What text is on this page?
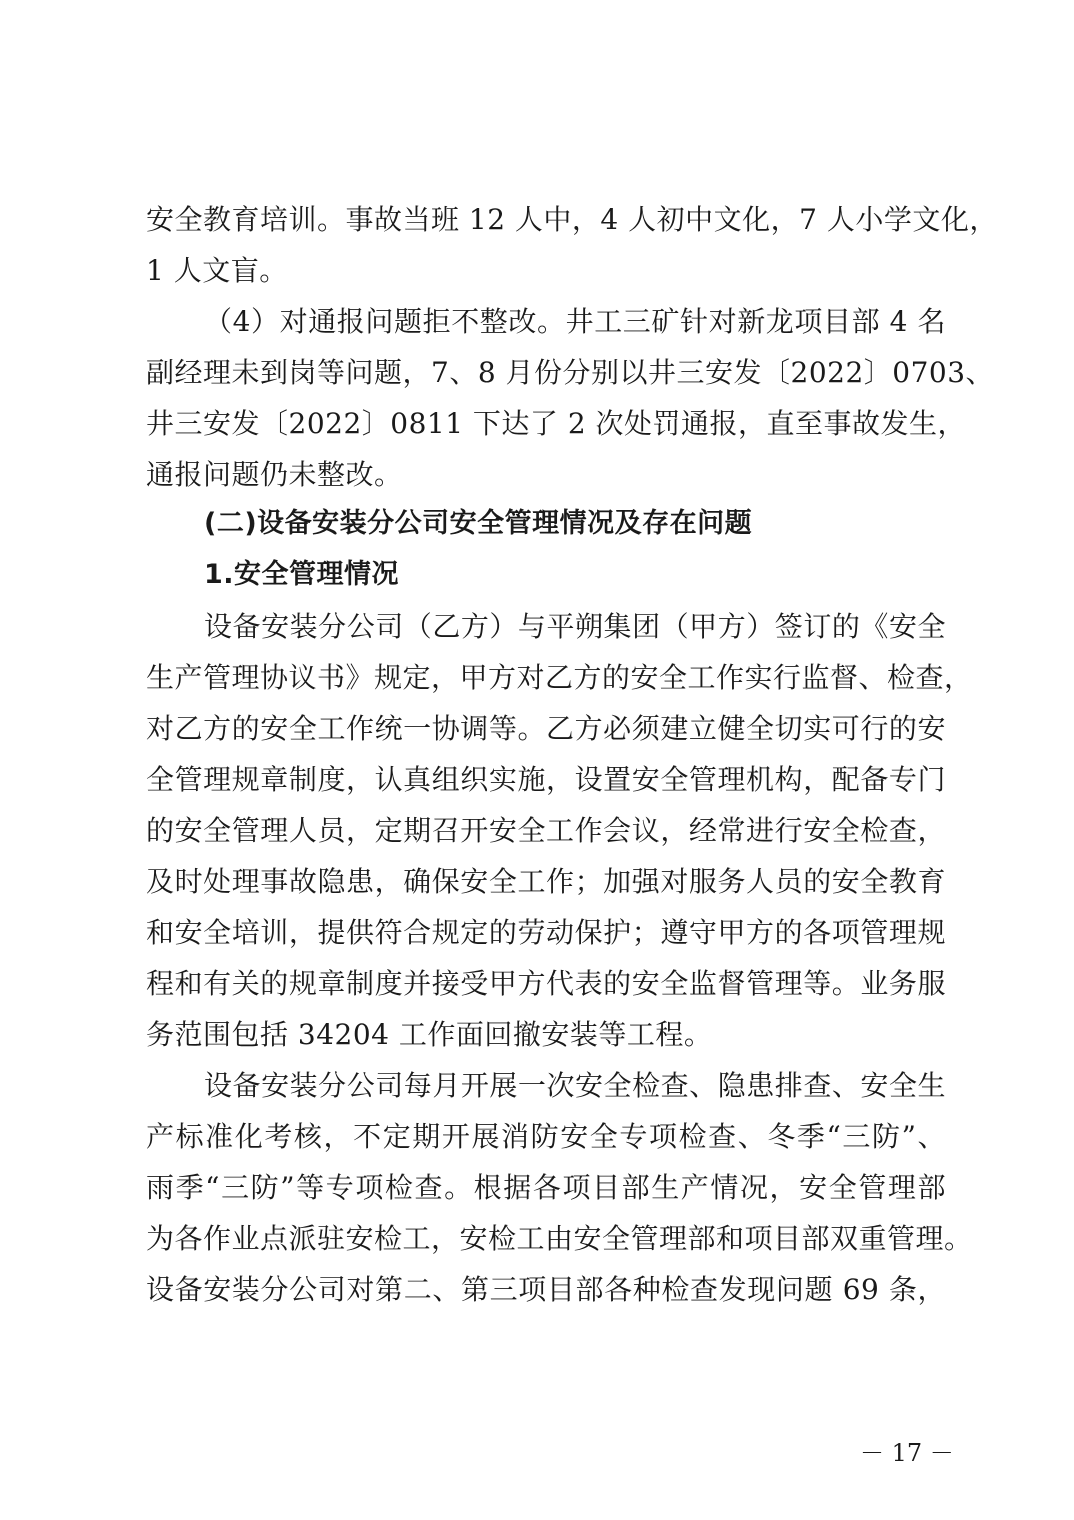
安全教育培训。事故当班 12 人中，4 人初中文化，7 人小学文化，
1 人文盲。
（4）对通报问题拒不整改。井工三矿针对新龙项目部 4 名
副经理未到岗等问题，7、8 月份分别以井三安发〔2022〕0703、
井三安发〔2022〕0811 下达了 2 次处罚通报，直至事故发生，
通报问题仍未整改。
(二)设备安装分公司安全管理情况及存在问题
1.安全管理情况
设备安装分公司（乙方）与平朔集团（甲方）签订的《安全
生产管理协议书》规定，甲方对乙方的安全工作实行监督、检查，
对乙方的安全工作统一协调等。乙方必须建立健全切实可行的安
全管理规章制度，认真组织实施，设置安全管理机构，配备专门
的安全管理人员，定期召开安全工作会议，经常进行安全检查，
及时处理事故隐患，确保安全工作；加强对服务人员的安全教育
和安全培训，提供符合规定的劳动保护；遵守甲方的各项管理规
程和有关的规章制度并接受甲方代表的安全监督管理等。业务服
务范围包括 34204 工作面回撤安装等工程。
设备安装分公司每月开展一次安全检查、隐患排查、安全生
产标准化考核，不定期开展消防安全专项检查、冬季“三防”、
雨季“三防”等专项检查。根据各项目部生产情况，安全管理部
为各作业点派驻安检工，安检工由安全管理部和项目部双重管理。
设备安装分公司对第二、第三项目部各种检查发现问题 69 条，
－ 17 －
